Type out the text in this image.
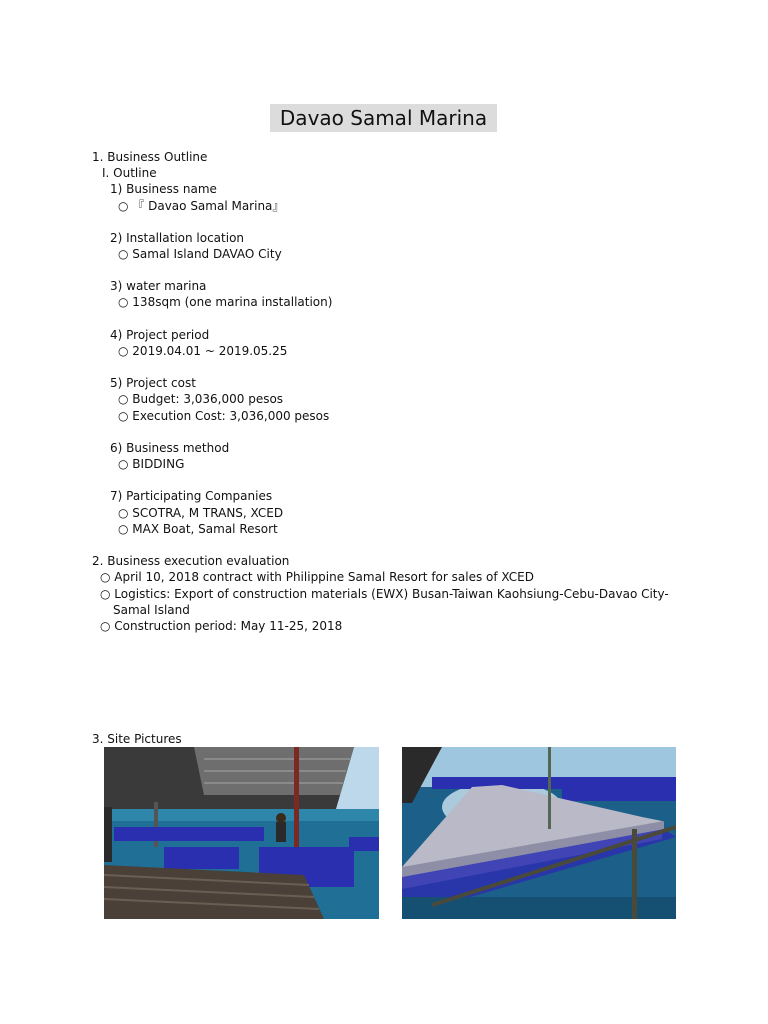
Davao Samal Marina
1. Business Outline
Ⅰ. Outline
1) Business name
○ 『 Davao Samal Marina』
2) Installation location
○ Samal Island DAVAO City
3) water marina
○ 138sqm (one marina installation)
4) Project period
○ 2019.04.01 ~ 2019.05.25
5) Project cost
○ Budget: 3,036,000 pesos
○ Execution Cost: 3,036,000 pesos
6) Business method
○ BIDDING
7) Participating Companies
○ SCOTRA, M TRANS, XCED
○ MAX Boat, Samal Resort
2. Business execution evaluation
○ April 10, 2018 contract with Philippine Samal Resort for sales of XCED
○ Logistics: Export of construction materials (EWX) Busan-Taiwan Kaohsiung-Cebu-Davao City-
Samal Island
○ Construction period: May 11-25, 2018
3. Site Pictures
